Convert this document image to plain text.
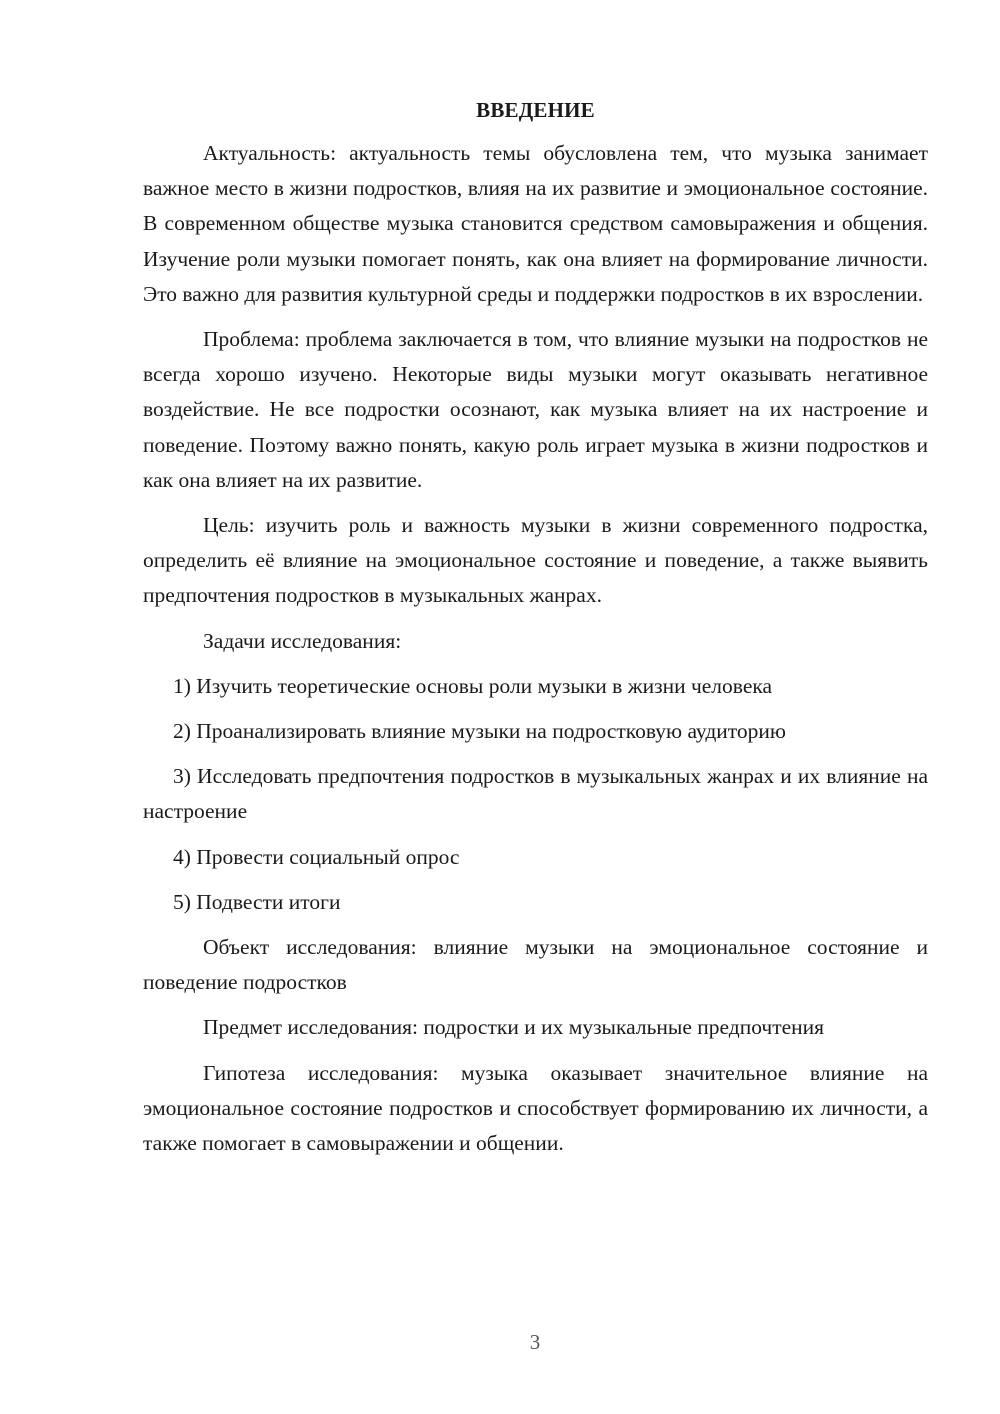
ВВЕДЕНИЕ

Актуальность: актуальность темы обусловлена тем, что музыка занимает важное место в жизни подростков, влияя на их развитие и эмоциональное состояние. В современном обществе музыка становится средством самовыражения и общения. Изучение роли музыки помогает понять, как она влияет на формирование личности. Это важно для развития культурной среды и поддержки подростков в их взрослении.

Проблема: проблема заключается в том, что влияние музыки на подростков не всегда хорошо изучено. Некоторые виды музыки могут оказывать негативное воздействие. Не все подростки осознают, как музыка влияет на их настроение и поведение. Поэтому важно понять, какую роль играет музыка в жизни подростков и как она влияет на их развитие.

Цель: изучить роль и важность музыки в жизни современного подростка, определить её влияние на эмоциональное состояние и поведение, а также выявить предпочтения подростков в музыкальных жанрах.

Задачи исследования:

1) Изучить теоретические основы роли музыки в жизни человека

2) Проанализировать влияние музыки на подростковую аудиторию

3) Исследовать предпочтения подростков в музыкальных жанрах и их влияние на настроение

4) Провести социальный опрос

5) Подвести итоги

Объект исследования: влияние музыки на эмоциональное состояние и поведение подростков

Предмет исследования: подростки и их музыкальные предпочтения

Гипотеза исследования: музыка оказывает значительное влияние на эмоциональное состояние подростков и способствует формированию их личности, а также помогает в самовыражении и общении.

3
